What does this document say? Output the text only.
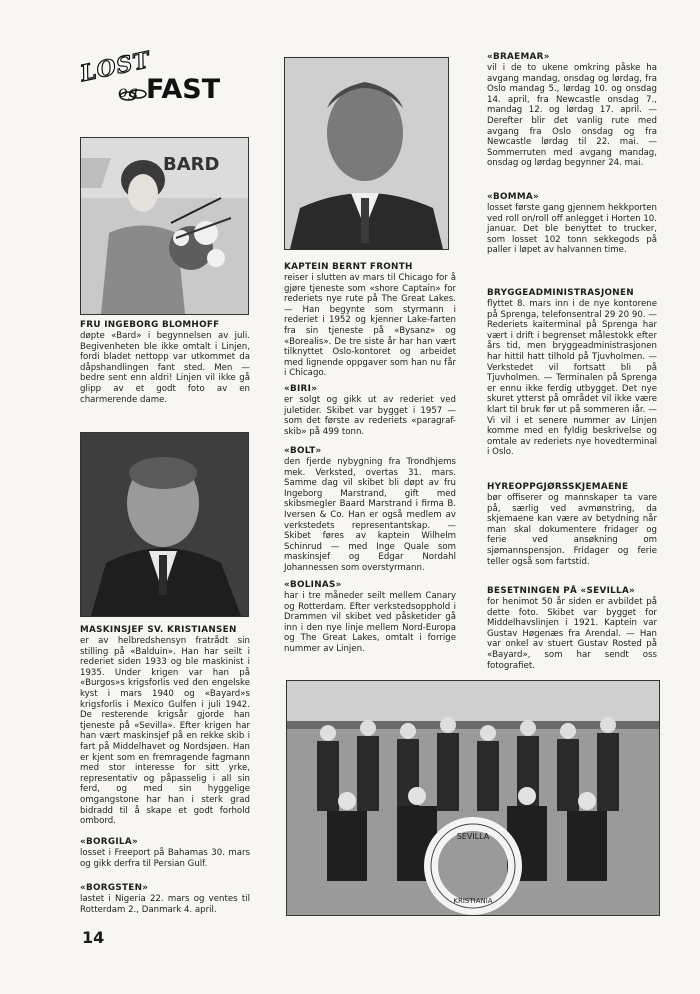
LOST
og FAST
BARD

FRU INGEBORG BLOMHOFF

døpte «Bard» i begynnelsen av juli. Begivenheten ble ikke omtalt i Linjen, fordi bladet nettopp var utkommet da dåpshandlingen fant sted. Men — bedre sent enn aldri! Linjen vil ikke gå glipp av et godt foto av en charmerende dame.

MASKINSJEF SV. KRISTIANSEN

er av helbredshensyn fratrådt sin stilling på «Balduin». Han har seilt i rederiet siden 1933 og ble maskinist i 1935. Under krigen var han på «Burgos»s krigsforlis ved den engelske kyst i mars 1940 og «Bayard»s krigsforlis i Mexico Gulfen i juli 1942. De resterende krigsår gjorde han tjeneste på «Sevilla». Efter krigen har han vært maskinsjef på en rekke skib i fart på Middelhavet og Nordsjøen. Han er kjent som en fremragende fagmann med stor interesse for sitt yrke, representativ og påpasselig i all sin ferd, og med sin hyggelige omgangstone har han i sterk grad bidradd til å skape et godt forhold ombord.

«BORGILA»

losset i Freeport på Bahamas 30. mars og gikk derfra til Persian Gulf.

«BORGSTEN»

lastet i Nigeria 22. mars og ventes til Rotterdam 2., Danmark 4. april.

14

KAPTEIN BERNT FRONTH

reiser i slutten av mars til Chicago for å gjøre tjeneste som «shore Captain» for rederiets nye rute på The Great Lakes. — Han begynte som styrmann i rederiet i 1952 og kjenner Lake-farten fra sin tjeneste på «Bysanz» og «Borealis». De tre siste år har han vært tilknyttet Oslo-kontoret og arbeidet med lignende oppgaver som han nu får i Chicago.

«BIRI»

er solgt og gikk ut av rederiet ved juletider. Skibet var bygget i 1957 — som det første av rederiets «paragraf-skib» på 499 tonn.

«BOLT»

den fjerde nybygning fra Trondhjems mek. Verksted, overtas 31. mars. Samme dag vil skibet bli døpt av fru Ingeborg Marstrand, gift med skibsmegler Baard Marstrand i firma B. Iversen & Co. Han er også medlem av verkstedets representantskap. — Skibet føres av kaptein Wilhelm Schinrud — med Inge Quale som maskinsjef og Edgar Nordahl Johannessen som overstyrmann.

«BOLINAS»

har i tre måneder seilt mellem Canary og Rotterdam. Efter verkstedsopphold i Drammen vil skibet ved påsketider gå inn i den nye linje mellem Nord-Europa og The Great Lakes, omtalt i forrige nummer av Linjen.

«BRAEMAR»

vil i de to ukene omkring påske ha avgang mandag, onsdag og lørdag, fra Oslo mandag 5., lørdag 10. og onsdag 14. april, fra Newcastle onsdag 7., mandag 12. og lørdag 17. april. — Derefter blir det vanlig rute med avgang fra Oslo onsdag og fra Newcastle lørdag til 22. mai. — Sommerruten med avgang mandag, onsdag og lørdag begynner 24. mai.

«BOMMA»

losset første gang gjennem hekkporten ved roll on/roll off anlegget i Horten 10. januar. Det ble benyttet to trucker, som losset 102 tonn sekkegods på paller i løpet av halvannen time.

BRYGGEADMINISTRASJONEN

flyttet 8. mars inn i de nye kontorene på Sprenga, telefonsentral 29 20 90. — Rederiets kaiterminal på Sprenga har vært i drift i begrenset målestokk efter års tid, men bryggeadministrasjonen har hittil hatt tilhold på Tjuvholmen. — Verkstedet vil fortsatt bli på Tjuvholmen. — Terminalen på Sprenga er ennu ikke ferdig utbygget. Det nye skuret ytterst på området vil ikke være klart til bruk før ut på sommeren iår. — Vi vil i et senere nummer av Linjen komme med en fyldig beskrivelse og omtale av rederiets nye hovedterminal i Oslo.

HYREOPPGJØRSSKJEMAENE

bør offiserer og mannskaper ta vare på, særlig ved avmønstring, da skjemaene kan være av betydning når man skal dokumentere fridager og ferie ved ansøkning om sjømannspensjon. Fridager og ferie teller også som fartstid.

BESETNINGEN PÅ «SEVILLA»

for henimot 50 år siden er avbildet på dette foto. Skibet var bygget for Middelhavslinjen i 1921. Kaptein var Gustav Høgenæs fra Arendal. — Han var onkel av stuert Gustav Rosted på «Bayard», som har sendt oss fotografiet.

SEVILLA
KRISTIANIA
